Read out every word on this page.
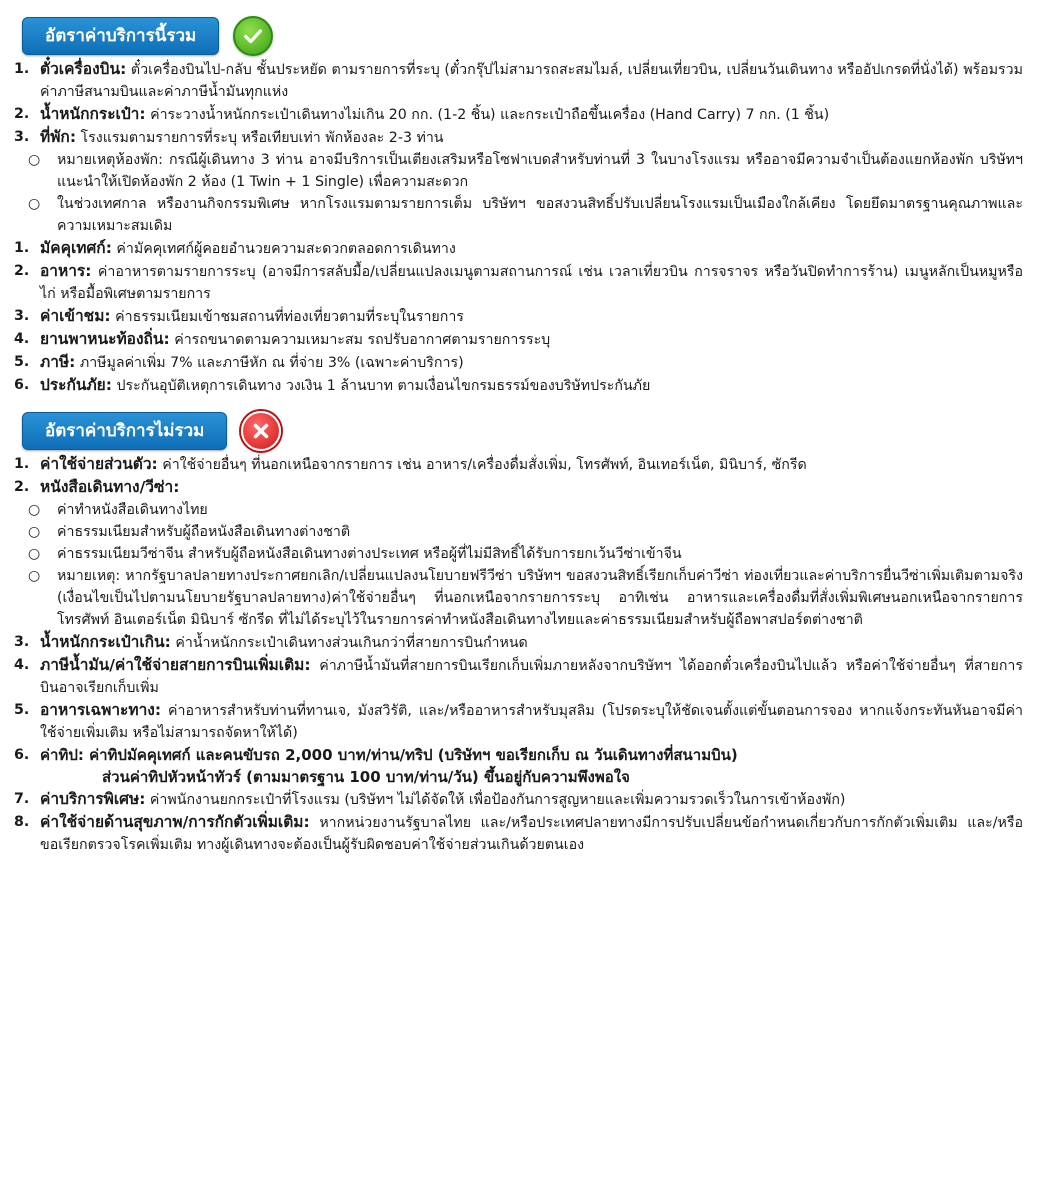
อัตราค่าบริการนี้รวม
1. ตั๋วเครื่องบิน: ตั๋วเครื่องบินไป-กลับ ชั้นประหยัด ตามรายการที่ระบุ (ตั๋วกรุ๊ปไม่สามารถสะสมไมล์, เปลี่ยนเที่ยวบิน, เปลี่ยนวันเดินทาง หรืออัปเกรดที่นั่งได้) พร้อมรวมค่าภาษีสนามบินและค่าภาษีน้ำมันทุกแห่ง
2. น้ำหนักกระเป๋า: ค่าระวางน้ำหนักกระเป๋าเดินทางไม่เกิน 20 กก. (1-2 ชิ้น) และกระเป๋าถือขึ้นเครื่อง (Hand Carry) 7 กก. (1 ชิ้น)
3. ที่พัก: โรงแรมตามรายการที่ระบุ หรือเทียบเท่า พักห้องละ 2-3 ท่าน
○ หมายเหตุห้องพัก: กรณีผู้เดินทาง 3 ท่าน อาจมีบริการเป็นเตียงเสริมหรือโซฟาเบดสำหรับท่านที่ 3 ในบางโรงแรม หรืออาจมีความจำเป็นต้องแยกห้องพัก บริษัทฯ แนะนำให้เปิดห้องพัก 2 ห้อง (1 Twin + 1 Single) เพื่อความสะดวก
○ ในช่วงเทศกาล หรืองานกิจกรรมพิเศษ หากโรงแรมตามรายการเต็ม บริษัทฯ ขอสงวนสิทธิ์ปรับเปลี่ยนโรงแรมเป็นเมืองใกล้เคียง โดยยึดมาตรฐานคุณภาพและความเหมาะสมเดิม
1. มัคคุเทศก์: ค่ามัคคุเทศก์ผู้คอยอำนวยความสะดวกตลอดการเดินทาง
2. อาหาร: ค่าอาหารตามรายการระบุ (อาจมีการสลับมื้อ/เปลี่ยนแปลงเมนูตามสถานการณ์ เช่น เวลาเที่ยวบิน การจราจร หรือวันปิดทำการร้าน) เมนูหลักเป็นหมูหรือไก่ หรือมื้อพิเศษตามรายการ
3. ค่าเข้าชม: ค่าธรรมเนียมเข้าชมสถานที่ท่องเที่ยวตามที่ระบุในรายการ
4. ยานพาหนะท้องถิ่น: ค่ารถขนาดตามความเหมาะสม รถปรับอากาศตามรายการระบุ
5. ภาษี: ภาษีมูลค่าเพิ่ม 7% และภาษีหัก ณ ที่จ่าย 3% (เฉพาะค่าบริการ)
6. ประกันภัย: ประกันอุบัติเหตุการเดินทาง วงเงิน 1 ล้านบาท ตามเงื่อนไขกรมธรรม์ของบริษัทประกันภัย
อัตราค่าบริการไม่รวม
1. ค่าใช้จ่ายส่วนตัว: ค่าใช้จ่ายอื่นๆ ที่นอกเหนือจากรายการ เช่น อาหาร/เครื่องดื่มสั่งเพิ่ม, โทรศัพท์, อินเทอร์เน็ต, มินิบาร์, ซักรีด
2. หนังสือเดินทาง/วีซ่า:
○ ค่าทำหนังสือเดินทางไทย
○ ค่าธรรมเนียมสำหรับผู้ถือหนังสือเดินทางต่างชาติ
○ ค่าธรรมเนียมวีซ่าจีน สำหรับผู้ถือหนังสือเดินทางต่างประเทศ หรือผู้ที่ไม่มีสิทธิ์ได้รับการยกเว้นวีซ่าเข้าจีน
○ หมายเหตุ: หากรัฐบาลปลายทางประกาศยกเลิก/เปลี่ยนแปลงนโยบายฟรีวีซ่า บริษัทฯ ขอสงวนสิทธิ์เรียกเก็บค่าวีซ่า ท่องเที่ยวและค่าบริการยื่นวีซ่าเพิ่มเติมตามจริง (เงื่อนไขเป็นไปตามนโยบายรัฐบาลปลายทาง)ค่าใช้จ่ายอื่นๆ ที่นอกเหนือจากรายการระบุ อาทิเช่น อาหารและเครื่องดื่มที่สั่งเพิ่มพิเศษนอกเหนือจากรายการ โทรศัพท์ อินเตอร์เน็ต มินิบาร์ ซักรีด ที่ไม่ได้ระบุไว้ในรายการค่าทำหนังสือเดินทางไทยและค่าธรรมเนียมสำหรับผู้ถือพาสปอร์ตต่างชาติ
3. น้ำหนักกระเป๋าเกิน: ค่าน้ำหนักกระเป๋าเดินทางส่วนเกินกว่าที่สายการบินกำหนด
4. ภาษีน้ำมัน/ค่าใช้จ่ายสายการบินเพิ่มเติม: ค่าภาษีน้ำมันที่สายการบินเรียกเก็บเพิ่มภายหลังจากบริษัทฯ ได้ออกตั๋วเครื่องบินไปแล้ว หรือค่าใช้จ่ายอื่นๆ ที่สายการบินอาจเรียกเก็บเพิ่ม
5. อาหารเฉพาะทาง: ค่าอาหารสำหรับท่านที่ทานเจ, มังสวิรัติ, และ/หรืออาหารสำหรับมุสลิม (โปรดระบุให้ชัดเจนตั้งแต่ขั้นตอนการจอง หากแจ้งกระทันหันอาจมีค่าใช้จ่ายเพิ่มเติม หรือไม่สามารถจัดหาให้ได้)
6. ค่าทิป: ค่าทิปมัคคุเทศก์ และคนขับรถ 2,000 บาท/ท่าน/ทริป (บริษัทฯ ขอเรียกเก็บ ณ วันเดินทางที่สนามบิน)
ส่วนค่าทิปหัวหน้าทัวร์ (ตามมาตรฐาน 100 บาท/ท่าน/วัน) ขึ้นอยู่กับความพึงพอใจ
7. ค่าบริการพิเศษ: ค่าพนักงานยกกระเป๋าที่โรงแรม (บริษัทฯ ไม่ได้จัดให้ เพื่อป้องกันการสูญหายและเพิ่มความรวดเร็วในการเข้าห้องพัก)
8. ค่าใช้จ่ายด้านสุขภาพ/การกักตัวเพิ่มเติม: หากหน่วยงานรัฐบาลไทย และ/หรือประเทศปลายทางมีการปรับเปลี่ยนข้อกำหนดเกี่ยวกับการกักตัวเพิ่มเติม และ/หรือ ขอเรียกตรวจโรคเพิ่มเติม ทางผู้เดินทางจะต้องเป็นผู้รับผิดชอบค่าใช้จ่ายส่วนเกินด้วยตนเอง
